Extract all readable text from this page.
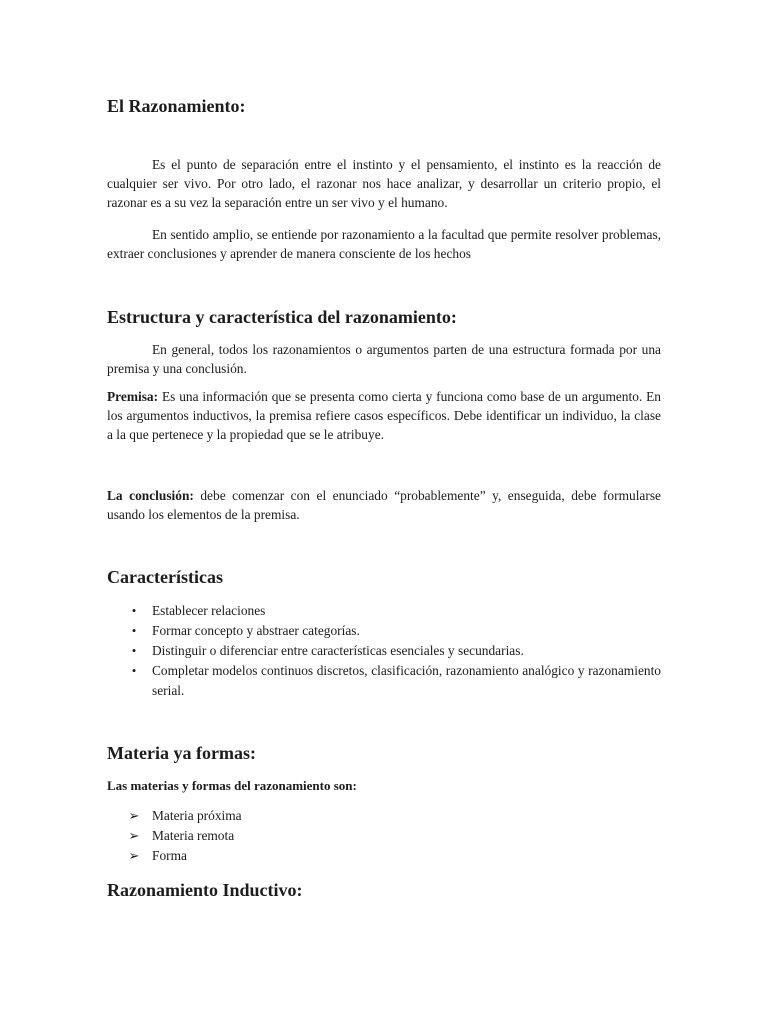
El Razonamiento:

Es el punto de separación entre el instinto y el pensamiento, el instinto es la reacción de cualquier ser vivo. Por otro lado, el razonar nos hace analizar, y desarrollar un criterio propio, el razonar es a su vez la separación entre un ser vivo y el humano.

En sentido amplio, se entiende por razonamiento a la facultad que permite resolver problemas, extraer conclusiones y aprender de manera consciente de los hechos

Estructura y característica del razonamiento:

En general, todos los razonamientos o argumentos parten de una estructura formada por una premisa y una conclusión.

Premisa: Es una información que se presenta como cierta y funciona como base de un argumento. En los argumentos inductivos, la premisa refiere casos específicos. Debe identificar un individuo, la clase a la que pertenece y la propiedad que se le atribuye.

La conclusión: debe comenzar con el enunciado “probablemente” y, enseguida, debe formularse usando los elementos de la premisa.

Características
•	Establecer relaciones
•	Formar concepto y abstraer categorías.
•	Distinguir o diferenciar entre características esenciales y secundarias.
•	Completar modelos continuos discretos, clasificación, razonamiento analógico y razonamiento serial.
Materia ya formas:

Las materias y formas del razonamiento son:

➢ Materia próxima
➢ Materia remota
➢ Forma
Razonamiento Inductivo:
